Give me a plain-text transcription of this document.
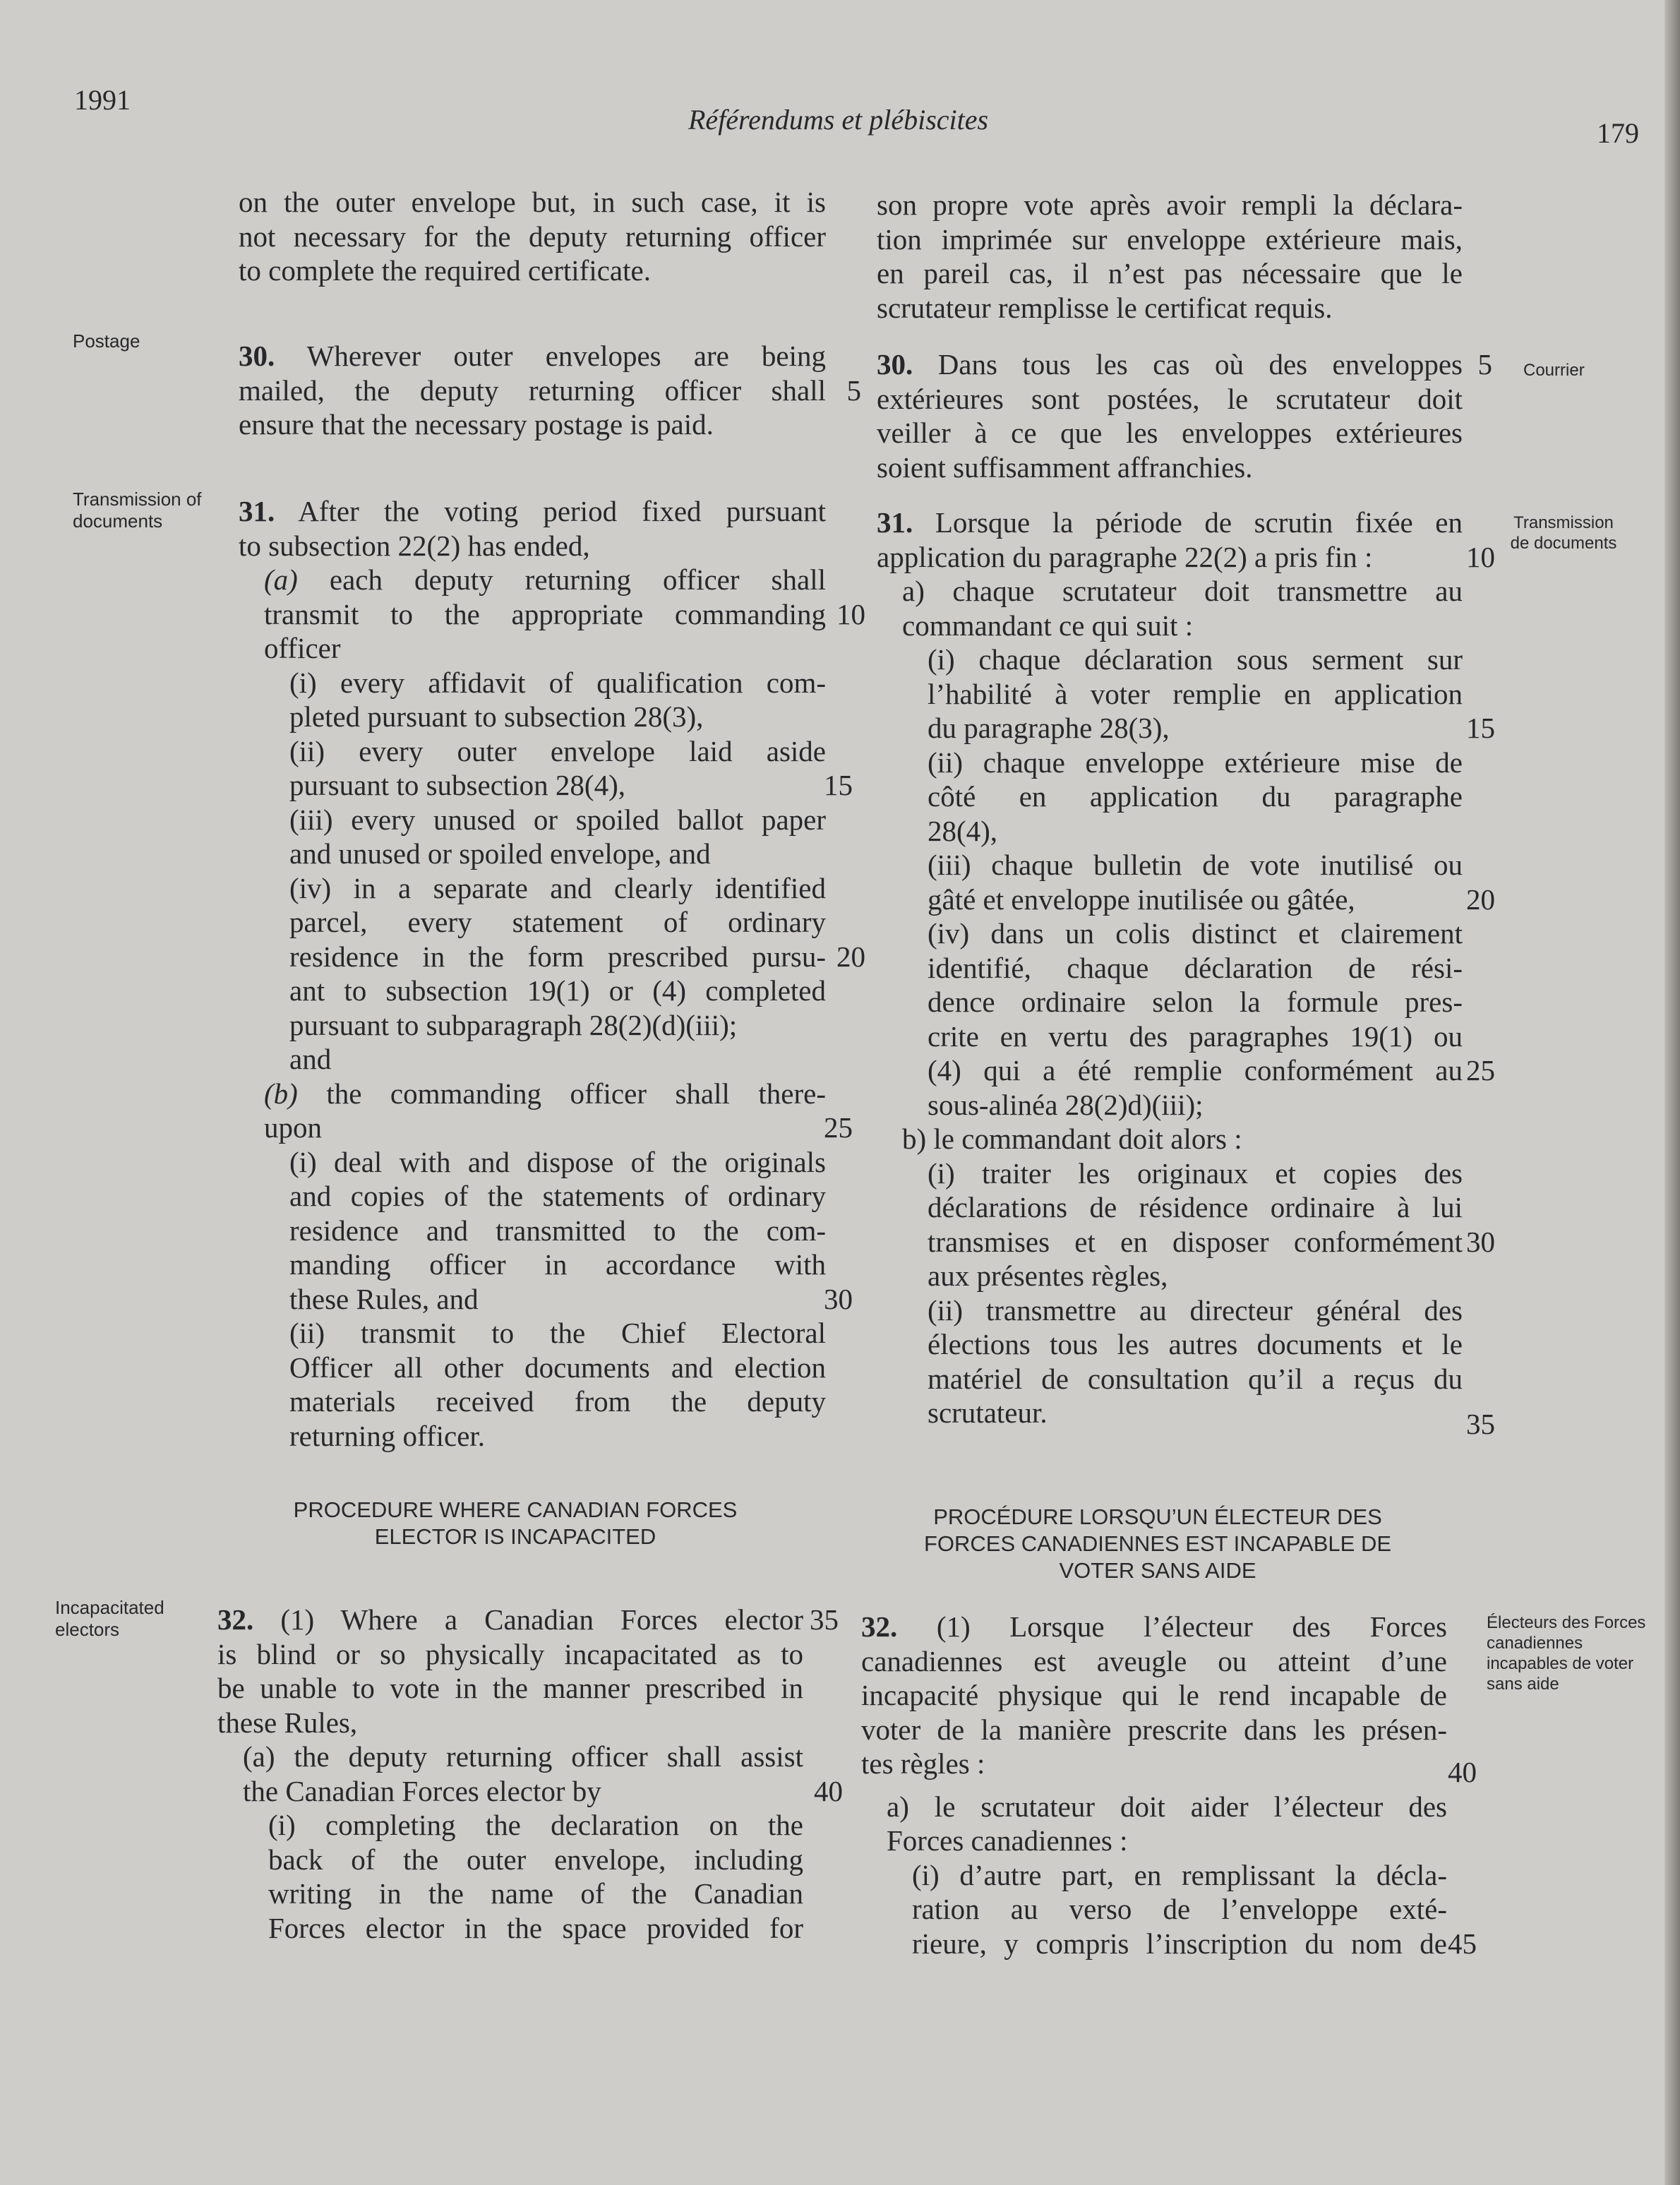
1991
Référendums et plébiscites	179
Postage
Transmission of documents
Incapacitated electors
Courrier
Transmission de documents
Électeurs des Forces canadiennes incapables de voter sans aide

on the outer envelope but, in such case, it is

not necessary for the deputy returning officer

to complete the required certificate.

30. Wherever outer envelopes are being

mailed, the deputy returning officer shall 5

ensure that the necessary postage is paid.

31. After the voting period fixed pursuant

to subsection 22(2) has ended,

(a) each deputy returning officer shall

transmit to the appropriate commanding 10

officer

(i) every affidavit of qualification com-

pleted pursuant to subsection 28(3),

(ii) every outer envelope laid aside

pursuant to subsection 28(4),	15

(iii) every unused or spoiled ballot paper

and unused or spoiled envelope, and

(iv) in a separate and clearly identified

parcel, every statement of ordinary

residence in the form prescribed pursu- 20

ant to subsection 19(1) or (4) completed

pursuant to subparagraph 28(2)(d)(iii);

and

(b) the commanding officer shall there-

upon	25

(i) deal with and dispose of the originals

and copies of the statements of ordinary

residence and transmitted to the com-

manding officer in accordance with

these Rules, and	30

(ii) transmit to the Chief Electoral

Officer all other documents and election

materials received from the deputy

returning officer.

PROCEDURE WHERE CANADIAN FORCES
ELECTOR IS INCAPACITED

32. (1) Where a Canadian Forces elector 35

is blind or so physically incapacitated as to

be unable to vote in the manner prescribed in

these Rules,

(a) the deputy returning officer shall assist

the Canadian Forces elector by	40

(i) completing the declaration on the

back of the outer envelope, including

writing in the name of the Canadian

Forces elector in the space provided for

son propre vote après avoir rempli la déclara-

tion imprimée sur enveloppe extérieure mais,

en pareil cas, il n’est pas nécessaire que le

scrutateur remplisse le certificat requis.

30. Dans tous les cas où des enveloppes 5

extérieures sont postées, le scrutateur doit

veiller à ce que les enveloppes extérieures

soient suffisamment affranchies.

31. Lorsque la période de scrutin fixée en

application du paragraphe 22(2) a pris fin :	10

a) chaque scrutateur doit transmettre au

commandant ce qui suit :

(i) chaque déclaration sous serment sur

l’habilité à voter remplie en application

du paragraphe 28(3),	15

(ii) chaque enveloppe extérieure mise de

côté en application du paragraphe

28(4),

(iii) chaque bulletin de vote inutilisé ou

gâté et enveloppe inutilisée ou gâtée,	20

(iv) dans un colis distinct et clairement

identifié, chaque déclaration de rési-

dence ordinaire selon la formule pres-

crite en vertu des paragraphes 19(1) ou

(4) qui a été remplie conformément au 25

sous-alinéa 28(2)d)(iii);

b) le commandant doit alors :

(i) traiter les originaux et copies des

déclarations de résidence ordinaire à lui

transmises et en disposer conformément 30

aux présentes règles,

(ii) transmettre au directeur général des

élections tous les autres documents et le

matériel de consultation qu’il a reçus du

scrutateur.	35

PROCÉDURE LORSQU’UN ÉLECTEUR DES
FORCES CANADIENNES EST INCAPABLE DE
VOTER SANS AIDE

32. (1) Lorsque l’électeur des Forces

canadiennes est aveugle ou atteint d’une

incapacité physique qui le rend incapable de

voter de la manière prescrite dans les présen-

tes règles :	40

a) le scrutateur doit aider l’électeur des

Forces canadiennes :

(i) d’autre part, en remplissant la décla-

ration au verso de l’enveloppe exté-

rieure, y compris l’inscription du nom de 45
